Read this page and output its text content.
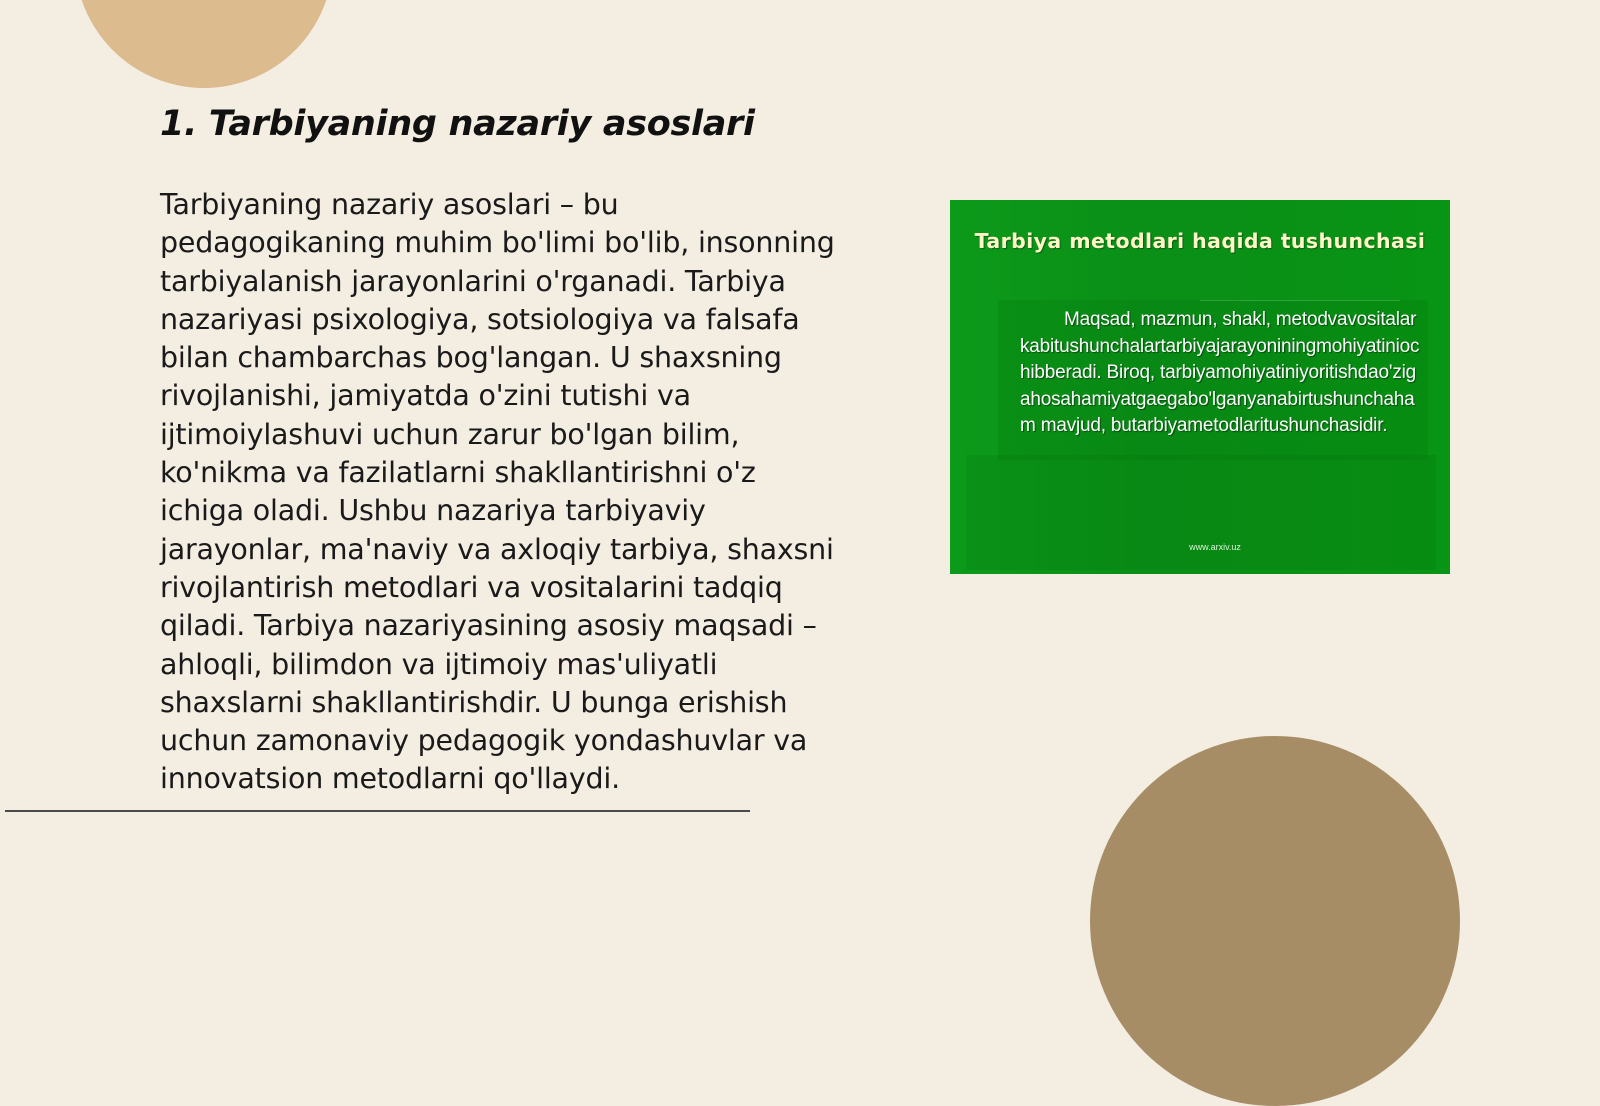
1. Tarbiyaning nazariy asoslari

Tarbiyaning nazariy asoslari – bu pedagogikaning muhim bo'limi bo'lib, insonning tarbiyalanish jarayonlarini o'rganadi. Tarbiya nazariyasi psixologiya, sotsiologiya va falsafa bilan chambarchas bog'langan. U shaxsning rivojlanishi, jamiyatda o'zini tutishi va ijtimoiylashuvi uchun zarur bo'lgan bilim, ko'nikma va fazilatlarni shakllantirishni o'z ichiga oladi. Ushbu nazariya tarbiyaviy jarayonlar, ma'naviy va axloqiy tarbiya, shaxsni rivojlantirish metodlari va vositalarini tadqiq qiladi. Tarbiya nazariyasining asosiy maqsadi – ahloqli, bilimdon va ijtimoiy mas'uliyatli shaxslarni shakllantirishdir. U bunga erishish uchun zamonaviy pedagogik yondashuvlar va innovatsion metodlarni qo'llaydi.

Tarbiya metodlari haqida tushunchasi

Maqsad, mazmun, shakl, metodvavositalarkabitushunchalartarbiyajarayoniningmohiyatiniochibberadi. Biroq, tarbiyamohiyatiniyoritishdao'zigahosahamiyatgaegabo'lganyanabirtushunchaham mavjud, butarbiyametodlaritushunchasidir.

www.arxiv.uz
